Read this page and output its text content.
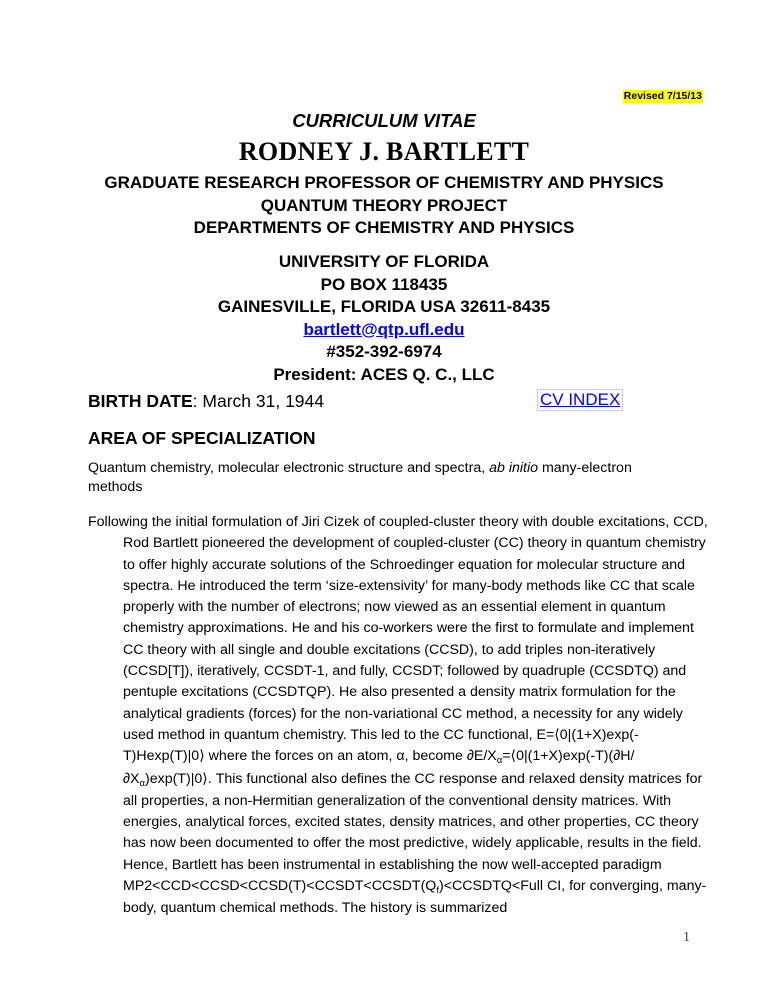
Revised 7/15/13
CURRICULUM VITAE
RODNEY J. BARTLETT
GRADUATE RESEARCH PROFESSOR OF CHEMISTRY AND PHYSICS
QUANTUM THEORY PROJECT
DEPARTMENTS OF CHEMISTRY AND PHYSICS
UNIVERSITY OF FLORIDA
PO BOX 118435
GAINESVILLE, FLORIDA USA 32611-8435
bartlett@qtp.ufl.edu
#352-392-6974
President: ACES Q. C., LLC
BIRTH DATE: March 31, 1944	CV INDEX
AREA OF SPECIALIZATION
Quantum chemistry, molecular electronic structure and spectra, ab initio many-electron methods
Following the initial formulation of Jiri Cizek of coupled-cluster theory with double excitations, CCD, Rod Bartlett pioneered the development of coupled-cluster (CC) theory in quantum chemistry to offer highly accurate solutions of the Schroedinger equation for molecular structure and spectra. He introduced the term ‘size-extensivity’ for many-body methods like CC that scale properly with the number of electrons; now viewed as an essential element in quantum chemistry approximations. He and his co-workers were the first to formulate and implement CC theory with all single and double excitations (CCSD), to add triples non-iteratively (CCSD[T]), iteratively, CCSDT-1, and fully, CCSDT; followed by quadruple (CCSDTQ) and pentuple excitations (CCSDTQP). He also presented a density matrix formulation for the analytical gradients (forces) for the non-variational CC method, a necessity for any widely used method in quantum chemistry. This led to the CC functional, E=⟨0|(1+X)exp(-T)Hexp(T)|0⟩ where the forces on an atom, α, become $\partial E/X_\alpha=⟨0|(1+X)\exp(-T)(\partial H/\partial X_\alpha)\exp(T)|0⟩$. This functional also defines the CC response and relaxed density matrices for all properties, a non-Hermitian generalization of the conventional density matrices. With energies, analytical forces, excited states, density matrices, and other properties, CC theory has now been documented to offer the most predictive, widely applicable, results in the field. Hence, Bartlett has been instrumental in establishing the now well-accepted paradigm $MP2<CCD<CCSD<CCSD(T)<CCSDT<CCSDT(Q_f)<CCSDTQ<Full$ CI, for converging, many-body, quantum chemical methods. The history is summarized
1
